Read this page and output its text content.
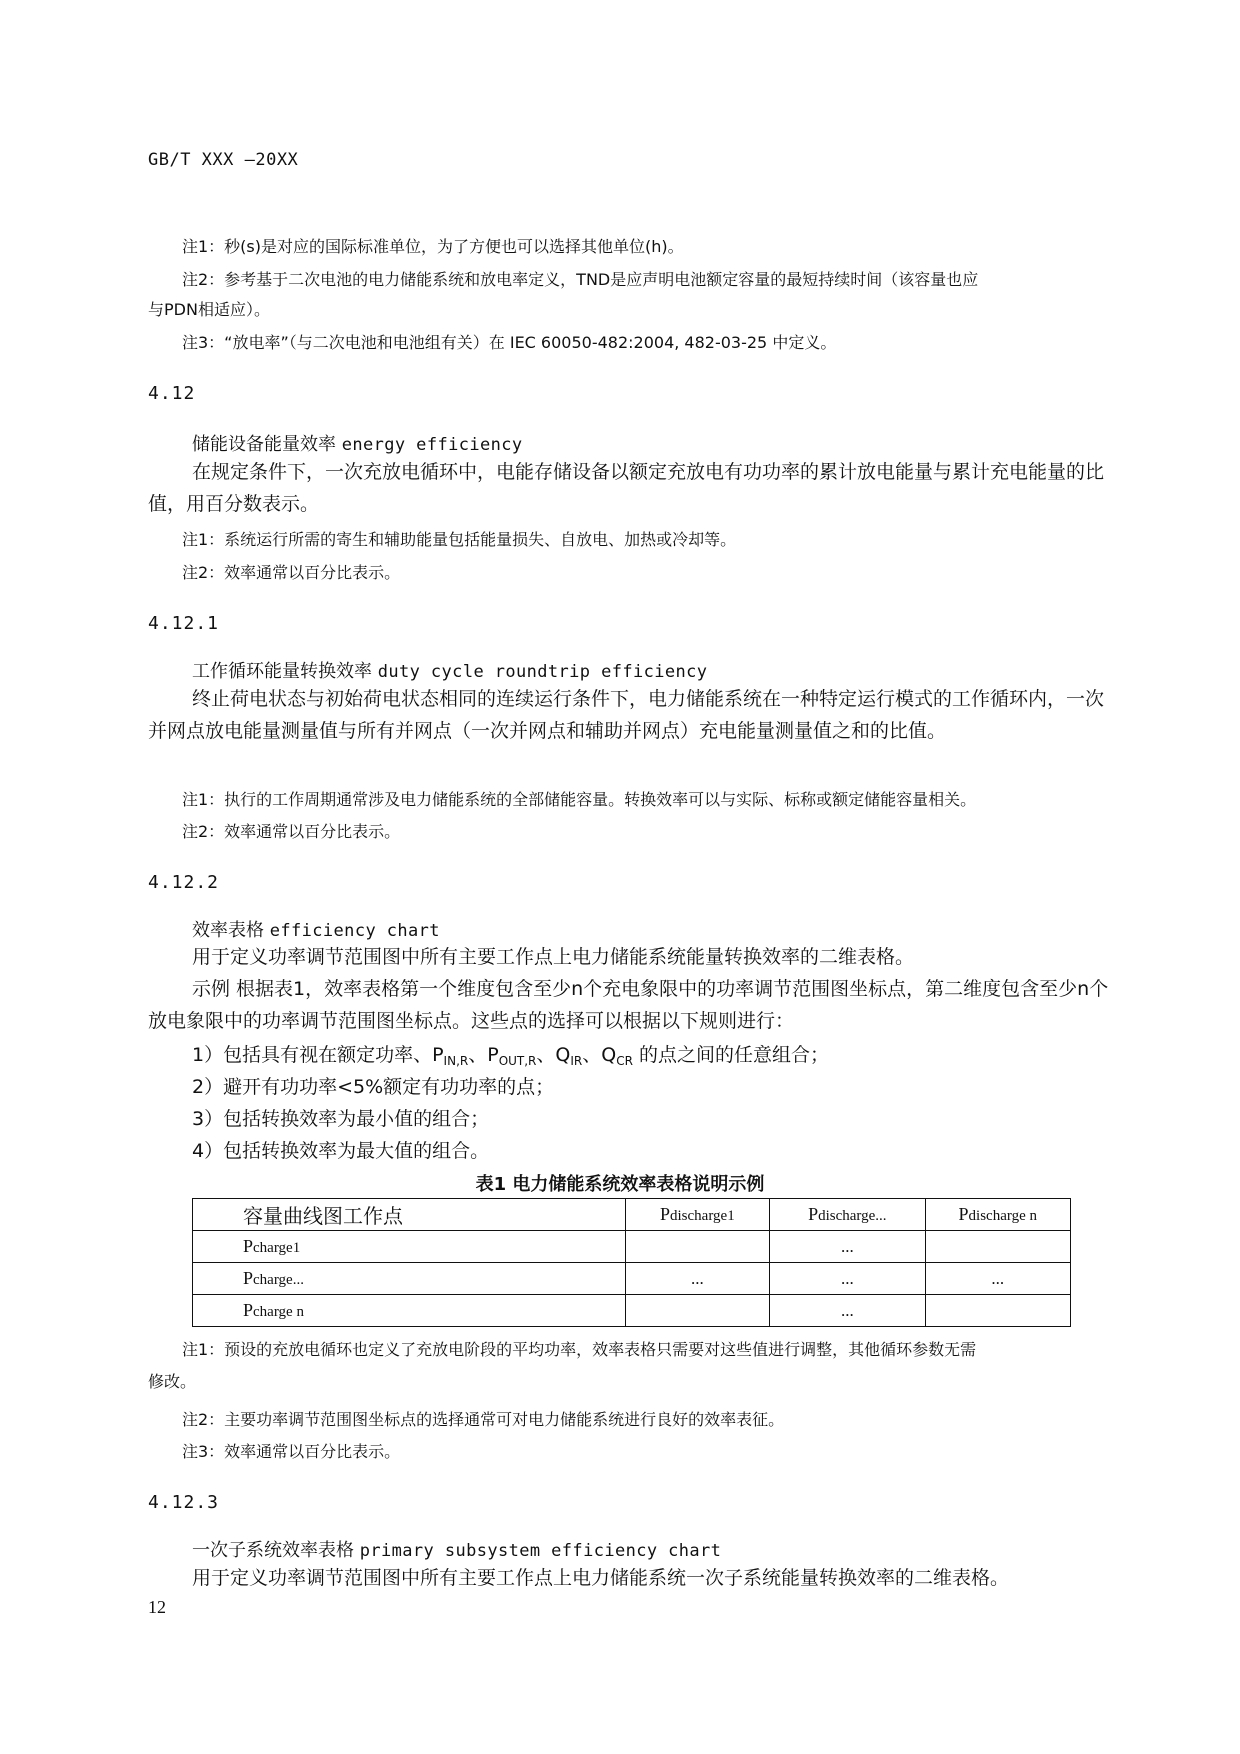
GB/T XXX —20XX
注1：秒(s)是对应的国际标准单位，为了方便也可以选择其他单位(h)。
注2：参考基于二次电池的电力储能系统和放电率定义，TND是应声明电池额定容量的最短持续时间（该容量也应
与PDN相适应）。
注3：“放电率”（与二次电池和电池组有关）在 IEC 60050-482:2004, 482-03-25 中定义。
4.12
储能设备能量效率 energy efficiency
在规定条件下，一次充放电循环中，电能存储设备以额定充放电有功功率的累计放电能量与累计充电能量的比值，用百分数表示。
注1：系统运行所需的寄生和辅助能量包括能量损失、自放电、加热或冷却等。
注2：效率通常以百分比表示。
4.12.1
工作循环能量转换效率 duty cycle roundtrip efficiency
终止荷电状态与初始荷电状态相同的连续运行条件下，电力储能系统在一种特定运行模式的工作循环内，一次并网点放电能量测量值与所有并网点（一次并网点和辅助并网点）充电能量测量值之和的比值。
注1：执行的工作周期通常涉及电力储能系统的全部储能容量。转换效率可以与实际、标称或额定储能容量相关。
注2：效率通常以百分比表示。
4.12.2
效率表格 efficiency chart
用于定义功率调节范围图中所有主要工作点上电力储能系统能量转换效率的二维表格。
示例 根据表1，效率表格第一个维度包含至少n个充电象限中的功率调节范围图坐标点，第二维度包含至少n个放电象限中的功率调节范围图坐标点。这些点的选择可以根据以下规则进行：
1）包括具有视在额定功率、$P_{IN,R}$、$P_{OUT,R}$、$Q_{IR}$、$Q_{CR}$ 的点之间的任意组合；
2）避开有功功率<5%额定有功功率的点；
3）包括转换效率为最小值的组合；
4）包括转换效率为最大值的组合。
表1 电力储能系统效率表格说明示例
容量曲线图工作点	Pdischarge1	Pdischarge...	Pdischarge n
Pcharge1		...	
Pcharge...	...	...	...
Pcharge n		...	
注1：预设的充放电循环也定义了充放电阶段的平均功率，效率表格只需要对这些值进行调整，其他循环参数无需
修改。
注2：主要功率调节范围图坐标点的选择通常可对电力储能系统进行良好的效率表征。
注3：效率通常以百分比表示。
4.12.3
一次子系统效率表格 primary subsystem efficiency chart
用于定义功率调节范围图中所有主要工作点上电力储能系统一次子系统能量转换效率的二维表格。
12
